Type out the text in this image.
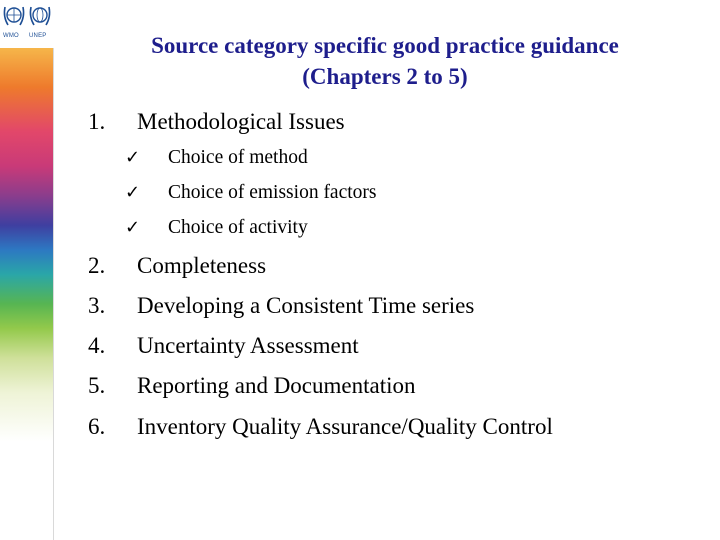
WMO UNEP	Source category specific good practice guidance
(Chapters 2 to 5)
1. Methodological Issues
✓ Choice of method
✓ Choice of emission factors
✓ Choice of activity
2. Completeness
3. Developing a Consistent Time series
4. Uncertainty Assessment
5. Reporting and Documentation
6. Inventory Quality Assurance/Quality Control
